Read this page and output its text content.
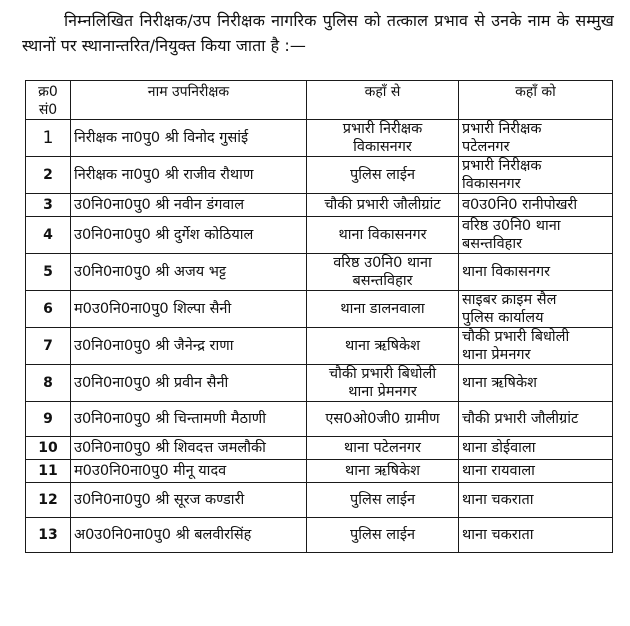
निम्नलिखित निरीक्षक/उप निरीक्षक नागरिक पुलिस को तत्काल प्रभाव से उनके नाम के सम्मुख स्थानों पर स्थानान्तरित/नियुक्त किया जाता है :—
क्र0
सं0	नाम उपनिरीक्षक	कहाँ से	कहाँ को
1	निरीक्षक ना0पु0 श्री विनोद गुसांई	प्रभारी निरीक्षक
विकासनगर	प्रभारी निरीक्षक
पटेलनगर

2	निरीक्षक ना0पु0 श्री राजीव रौथाण	पुलिस लाईन	प्रभारी निरीक्षक
विकासनगर

3	उ0नि0ना0पु0 श्री नवीन डंगवाल	चौकी प्रभारी जौलीग्रांट	व0उ0नि0 रानीपोखरी

4	उ0नि0ना0पु0 श्री दुर्गेश कोठियाल	थाना विकासनगर	वरिष्ठ उ0नि0 थाना
बसन्तविहार

5	उ0नि0ना0पु0 श्री अजय भट्ट	वरिष्ठ उ0नि0 थाना
बसन्तविहार	थाना विकासनगर

6	म0उ0नि0ना0पु0 शिल्पा सैनी	थाना डालनवाला	साइबर क्राइम सैल
पुलिस कार्यालय

7	उ0नि0ना0पु0 श्री जैनेन्द्र राणा	थाना ऋषिकेश	चौकी प्रभारी बिधोली
थाना प्रेमनगर

8	उ0नि0ना0पु0 श्री प्रवीन सैनी	चौकी प्रभारी बिधोली
थाना प्रेमनगर	थाना ऋषिकेश

9	उ0नि0ना0पु0 श्री चिन्तामणी मैठाणी	एस0ओ0जी0 ग्रामीण	चौकी प्रभारी जौलीग्रांट

10	उ0नि0ना0पु0 श्री शिवदत्त जमलौकी	थाना पटेलनगर	थाना डोईवाला

11	म0उ0नि0ना0पु0 मीनू यादव	थाना ऋषिकेश	थाना रायवाला

12	उ0नि0ना0पु0 श्री सूरज कण्डारी	पुलिस लाईन	थाना चकराता

13	अ0उ0नि0ना0पु0 श्री बलवीरसिंह	पुलिस लाईन	थाना चकराता
